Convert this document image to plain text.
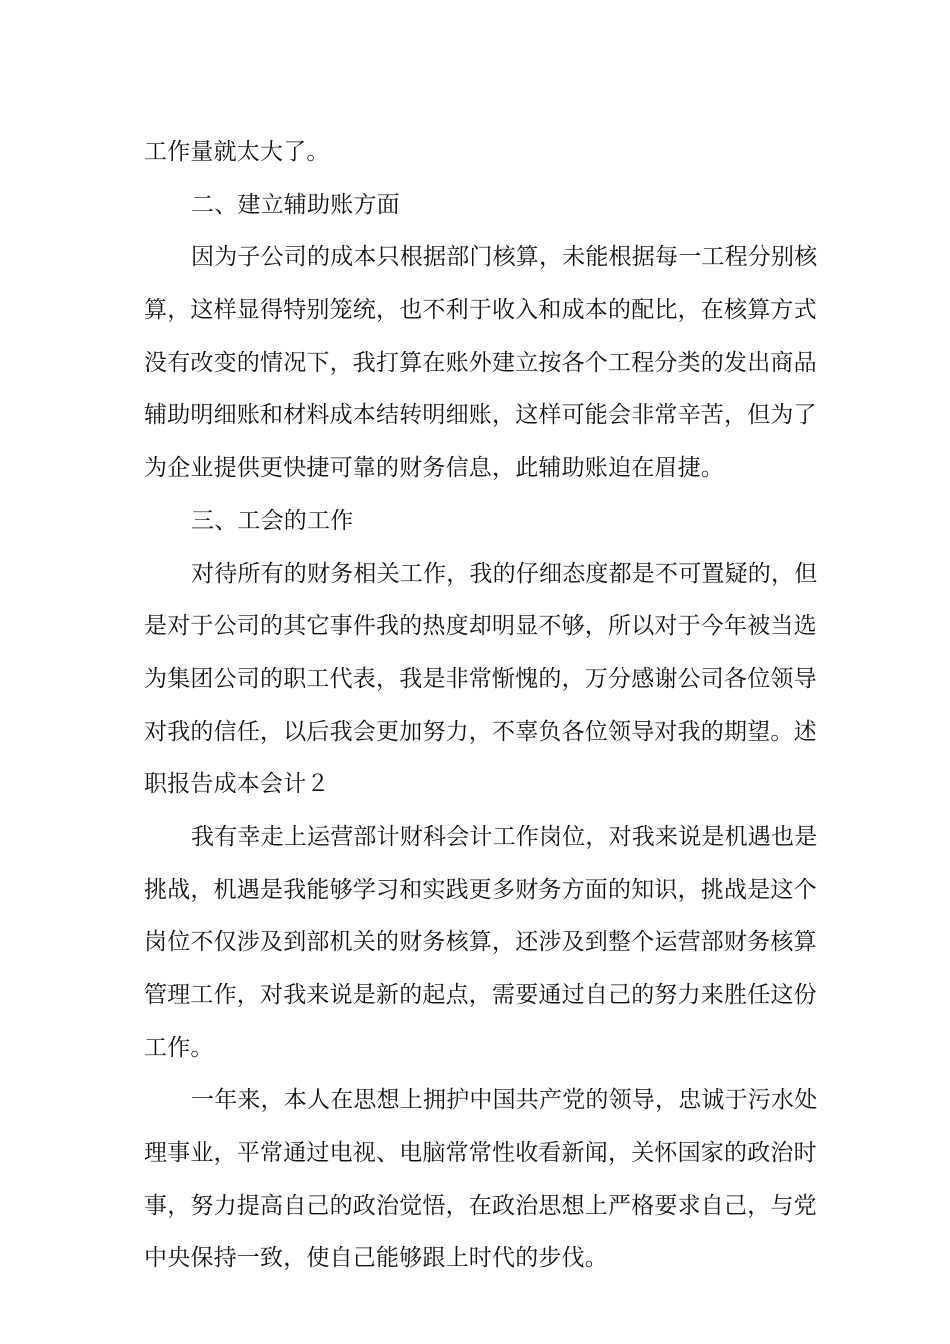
工作量就太大了。
二、建立辅助账方面
因为子公司的成本只根据部门核算，未能根据每一工程分别核
算，这样显得特别笼统，也不利于收入和成本的配比，在核算方式
没有改变的情况下，我打算在账外建立按各个工程分类的发出商品
辅助明细账和材料成本结转明细账，这样可能会非常辛苦，但为了
为企业提供更快捷可靠的财务信息，此辅助账迫在眉捷。
三、工会的工作
对待所有的财务相关工作，我的仔细态度都是不可置疑的，但
是对于公司的其它事件我的热度却明显不够，所以对于今年被当选
为集团公司的职工代表，我是非常惭愧的，万分感谢公司各位领导
对我的信任，以后我会更加努力，不辜负各位领导对我的期望。述
职报告成本会计２
我有幸走上运营部计财科会计工作岗位，对我来说是机遇也是
挑战，机遇是我能够学习和实践更多财务方面的知识，挑战是这个
岗位不仅涉及到部机关的财务核算，还涉及到整个运营部财务核算
管理工作，对我来说是新的起点，需要通过自己的努力来胜任这份
工作。
一年来，本人在思想上拥护中国共产党的领导，忠诚于污水处
理事业，平常通过电视、电脑常常性收看新闻，关怀国家的政治时
事，努力提高自己的政治觉悟，在政治思想上严格要求自己，与党
中央保持一致，使自己能够跟上时代的步伐。
